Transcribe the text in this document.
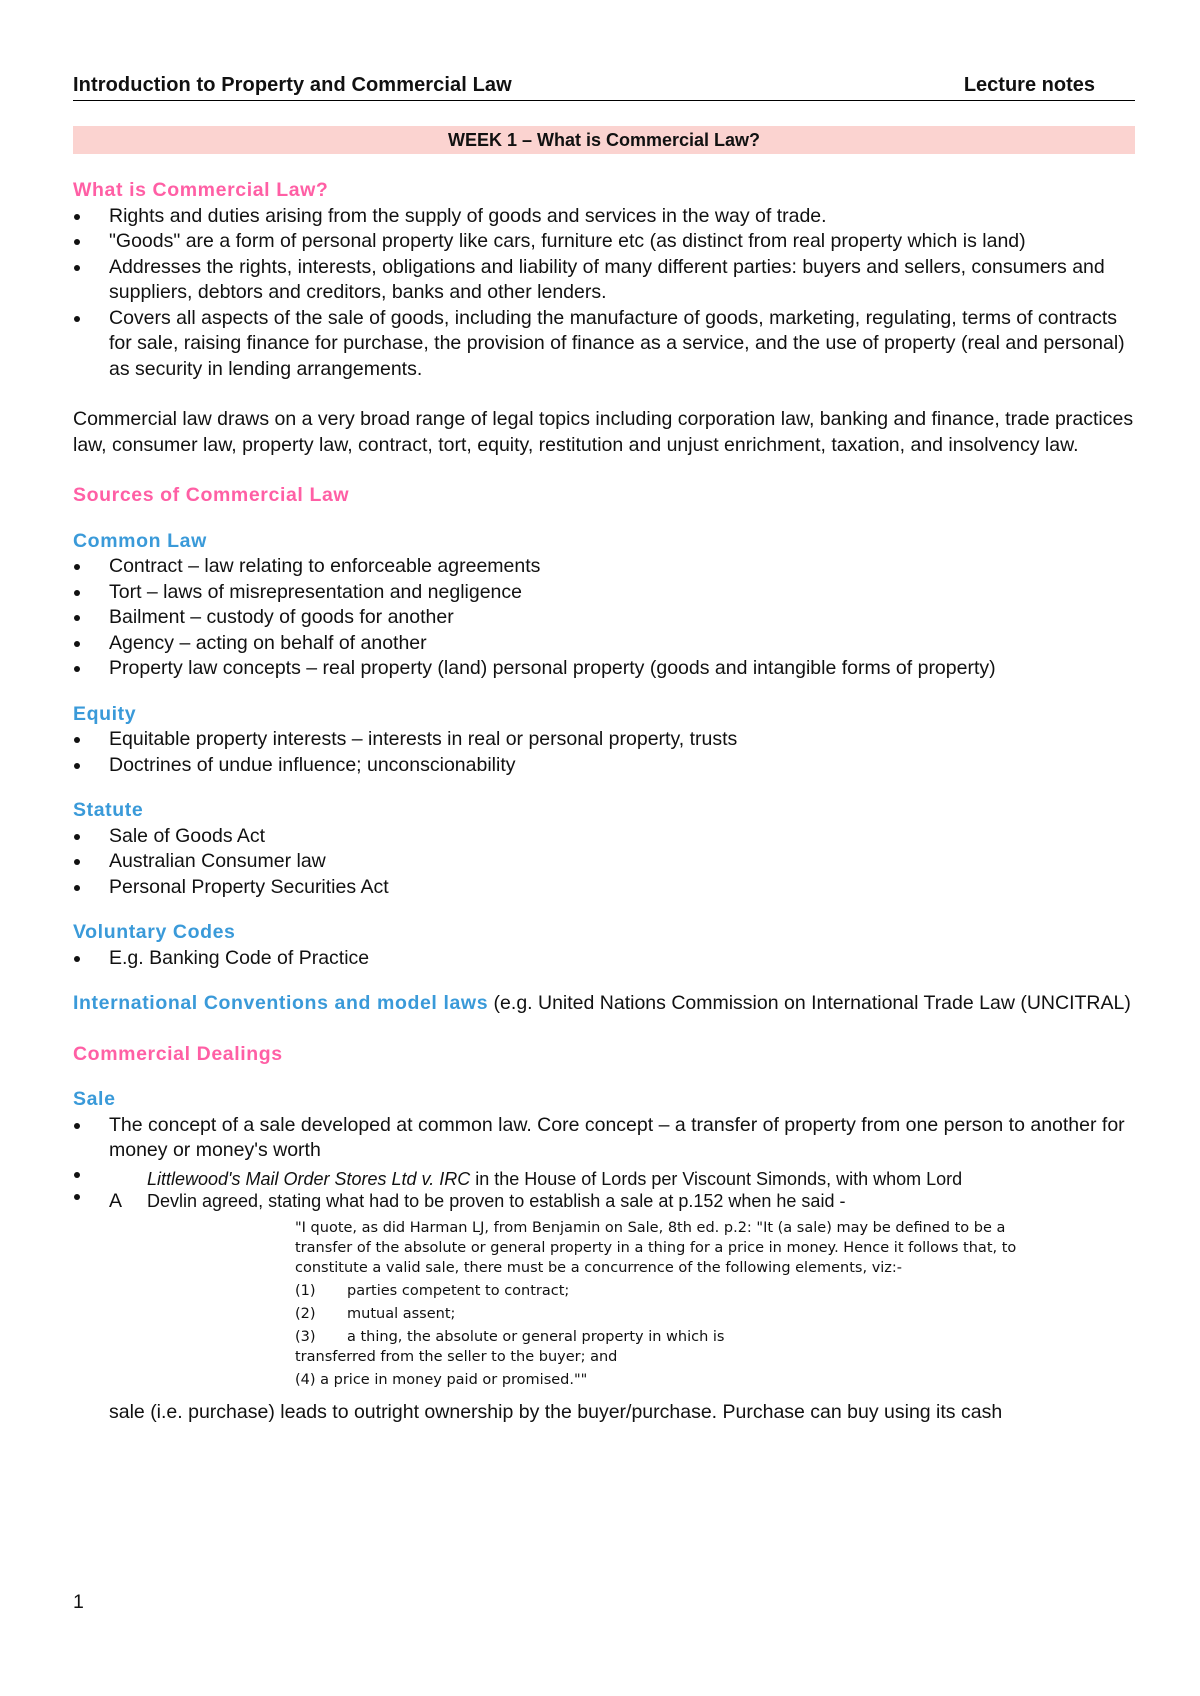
Introduction to Property and Commercial Law	Lecture notes
WEEK 1 – What is Commercial Law?
What is Commercial Law?
Rights and duties arising from the supply of goods and services in the way of trade.
"Goods" are a form of personal property like cars, furniture etc (as distinct from real property which is land)
Addresses the rights, interests, obligations and liability of many different parties: buyers and sellers, consumers and suppliers, debtors and creditors, banks and other lenders.
Covers all aspects of the sale of goods, including the manufacture of goods, marketing, regulating, terms of contracts for sale, raising finance for purchase, the provision of finance as a service, and the use of property (real and personal) as security in lending arrangements.

Commercial law draws on a very broad range of legal topics including corporation law, banking and finance, trade practices law, consumer law, property law, contract, tort, equity, restitution and unjust enrichment, taxation, and insolvency law.

Sources of Commercial Law
Common Law
Contract – law relating to enforceable agreements
Tort – laws of misrepresentation and negligence
Bailment – custody of goods for another
Agency – acting on behalf of another
Property law concepts – real property (land) personal property (goods and intangible forms of property)
Equity
Equitable property interests – interests in real or personal property, trusts
Doctrines of undue influence; unconscionability
Statute
Sale of Goods Act
Australian Consumer law
Personal Property Securities Act
Voluntary Codes
E.g. Banking Code of Practice

International Conventions and model laws (e.g. United Nations Commission on International Trade Law (UNCITRAL)

Commercial Dealings
Sale
The concept of a sale developed at common law. Core concept – a transfer of property from one person to another for money or money's worth
A
Littlewood's Mail Order Stores Ltd v. IRC in the House of Lords per Viscount Simonds, with whom Lord
Devlin agreed, stating what had to be proven to establish a sale at p.152 when he said -
"I quote, as did Harman LJ, from Benjamin on Sale, 8th ed. p.2: "It (a sale) may be defined to be a transfer of the absolute or general property in a thing for a price in money. Hence it follows that, to constitute a valid sale, there must be a concurrence of the following elements, viz:-
(1)	parties competent to contract;
(2)	mutual assent;
(3)	a thing, the absolute or general property in which is
transferred from the seller to the buyer; and
(4) a price in money paid or promised.""

sale (i.e. purchase) leads to outright ownership by the buyer/purchase. Purchase can buy using its cash

1
